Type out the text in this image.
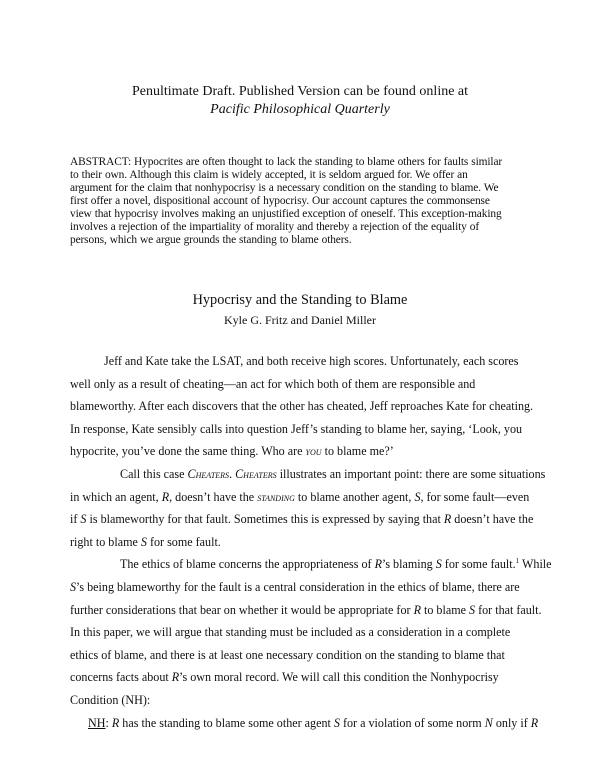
Penultimate Draft. Published Version can be found online at
Pacific Philosophical Quarterly
ABSTRACT: Hypocrites are often thought to lack the standing to blame others for faults similar
to their own. Although this claim is widely accepted, it is seldom argued for. We offer an
argument for the claim that nonhypocrisy is a necessary condition on the standing to blame. We
first offer a novel, dispositional account of hypocrisy. Our account captures the commonsense
view that hypocrisy involves making an unjustified exception of oneself. This exception-making
involves a rejection of the impartiality of morality and thereby a rejection of the equality of
persons, which we argue grounds the standing to blame others.
Hypocrisy and the Standing to Blame
Kyle G. Fritz and Daniel Miller
Jeff and Kate take the LSAT, and both receive high scores. Unfortunately, each scores
well only as a result of cheating—an act for which both of them are responsible and
blameworthy. After each discovers that the other has cheated, Jeff reproaches Kate for cheating.
In response, Kate sensibly calls into question Jeff’s standing to blame her, saying, ‘Look, you
hypocrite, you’ve done the same thing. Who are you to blame me?’
Call this case Cheaters. Cheaters illustrates an important point: there are some situations
in which an agent, R, doesn’t have the standing to blame another agent, S, for some fault—even
if S is blameworthy for that fault. Sometimes this is expressed by saying that R doesn’t have the
right to blame S for some fault.
The ethics of blame concerns the appropriateness of R’s blaming S for some fault.$^1$ While
S’s being blameworthy for the fault is a central consideration in the ethics of blame, there are
further considerations that bear on whether it would be appropriate for R to blame S for that fault.
In this paper, we will argue that standing must be included as a consideration in a complete
ethics of blame, and there is at least one necessary condition on the standing to blame that
concerns facts about R’s own moral record. We will call this condition the Nonhypocrisy
Condition (NH):
NH: R has the standing to blame some other agent S for a violation of some norm N only if R
